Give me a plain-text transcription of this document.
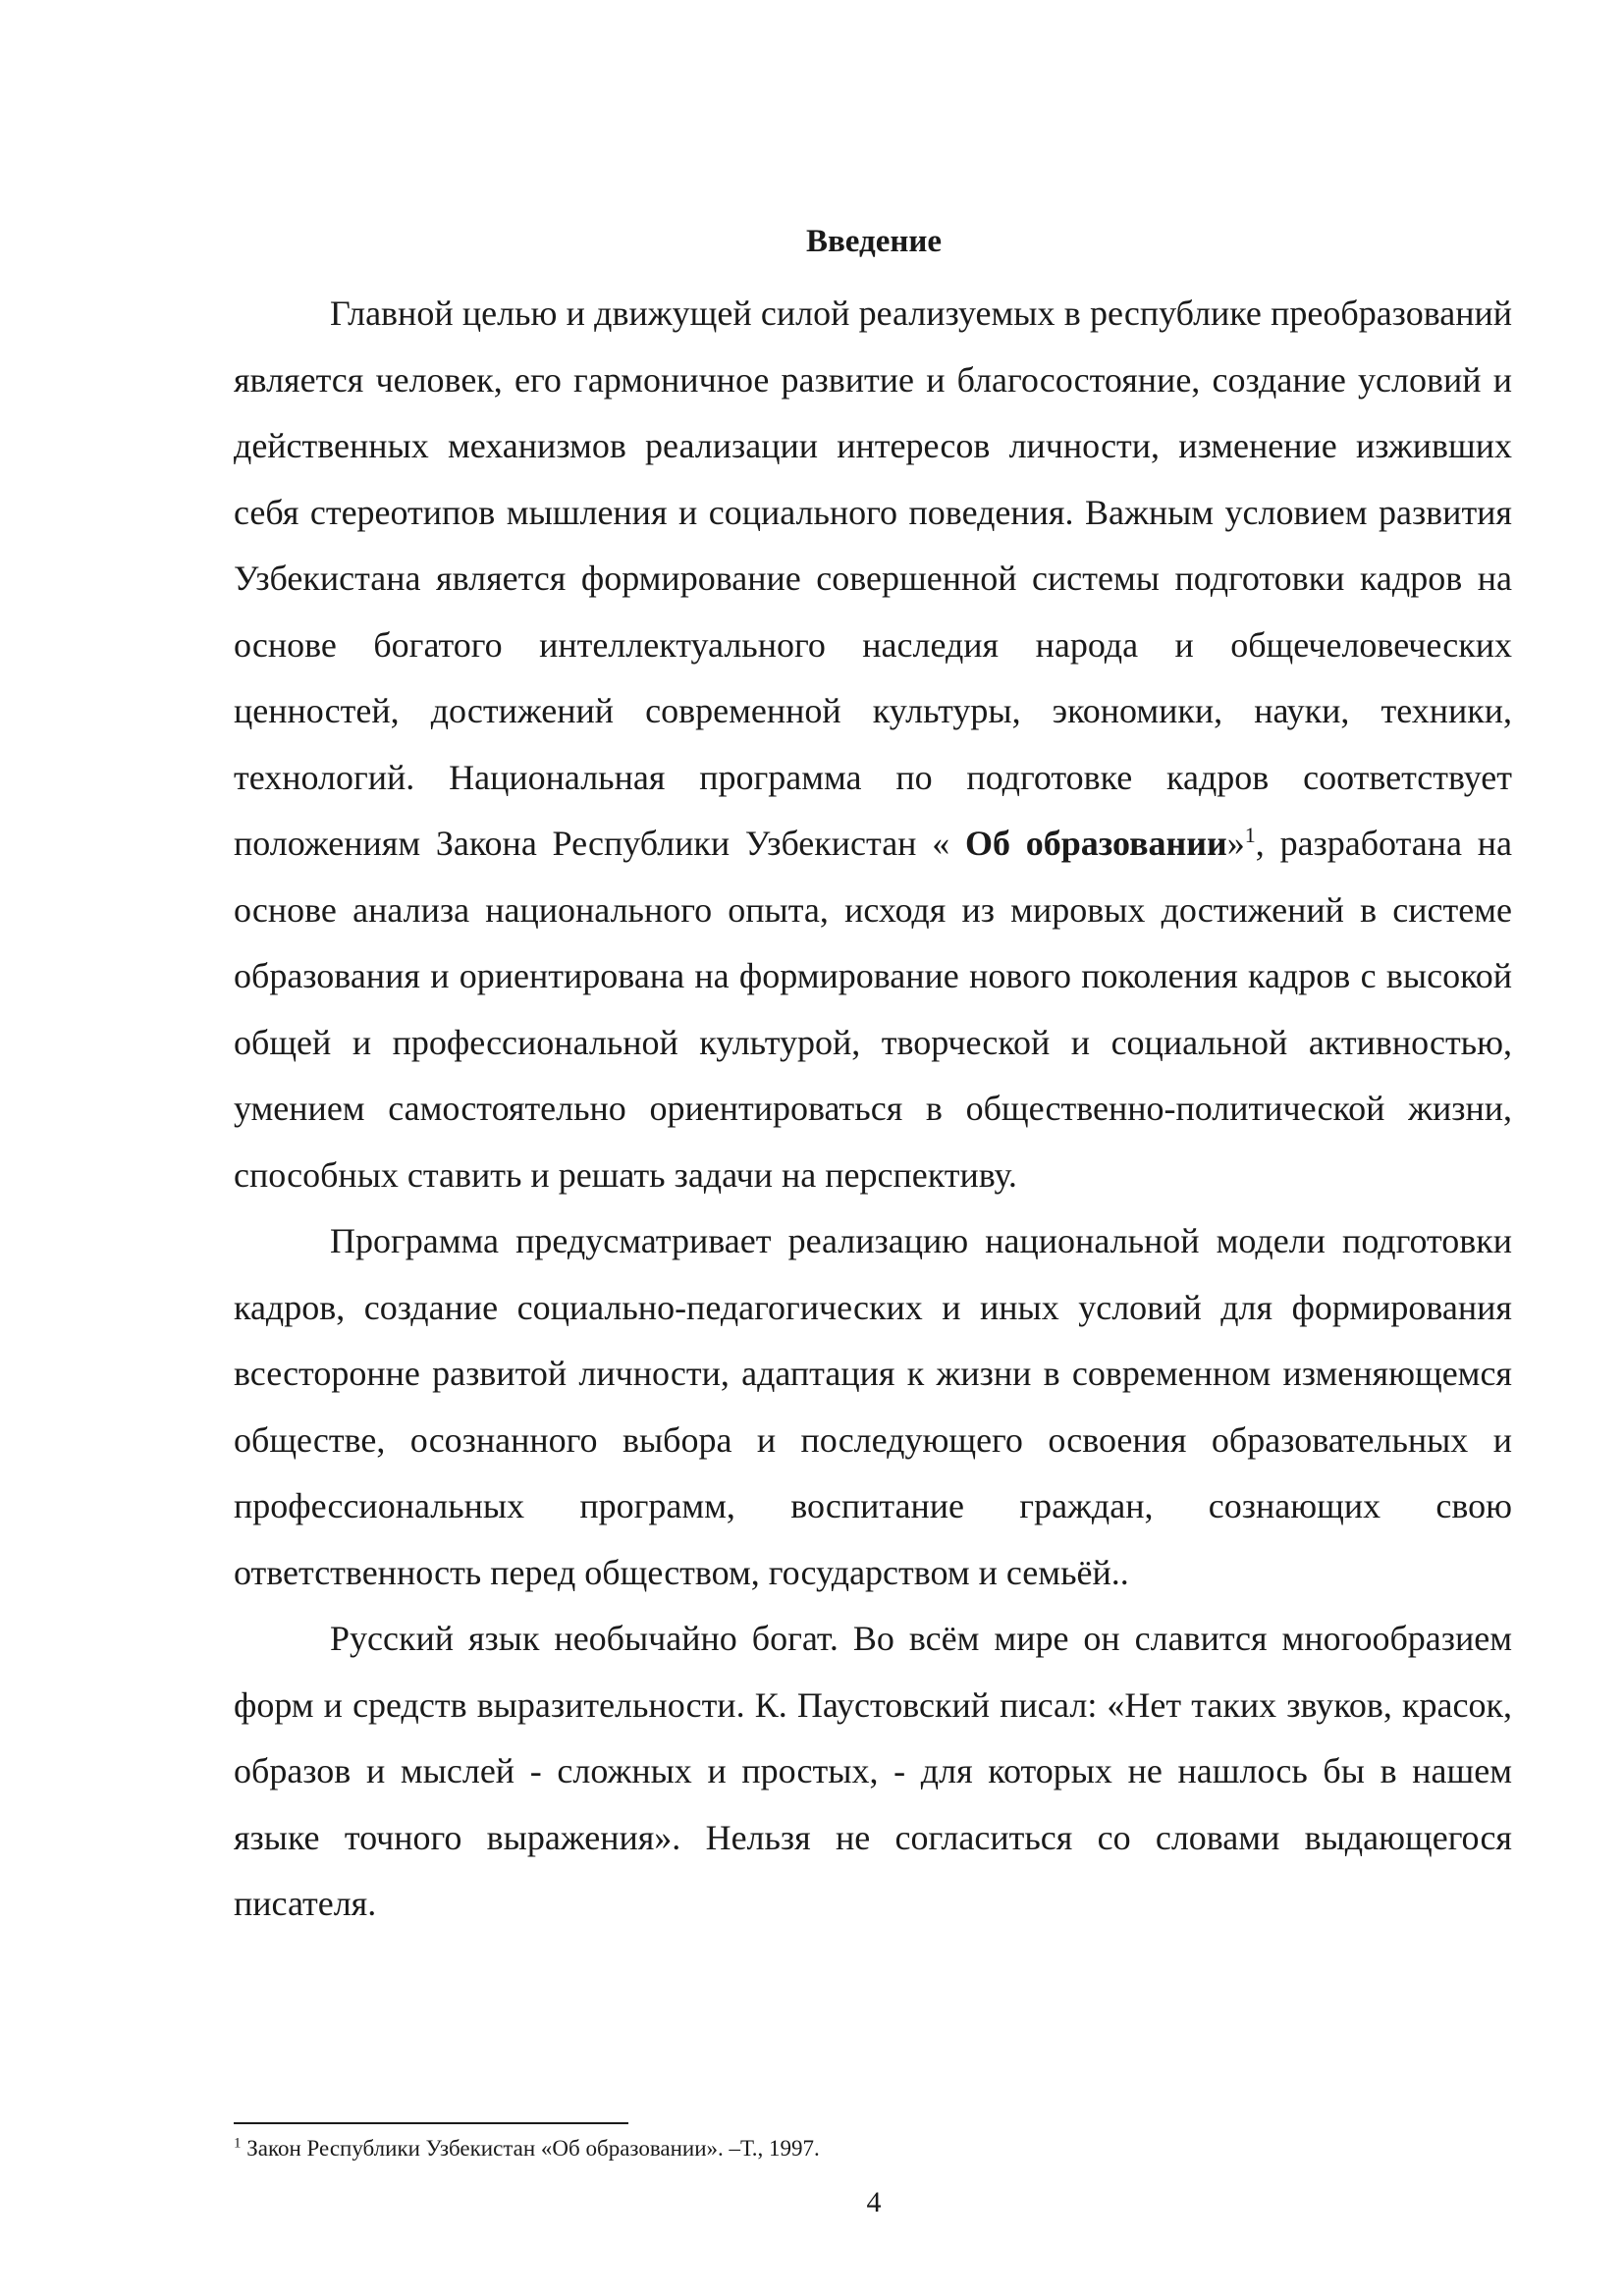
Введение

Главной целью и движущей силой реализуемых в республике преобразований является человек, его гармоничное развитие и благосостояние, создание условий и действенных механизмов реализации интересов личности, изменение изживших себя стереотипов мышления и социального поведения. Важным условием развития Узбекистана является формирование совершенной системы подготовки кадров на основе богатого интеллектуального наследия народа и общечеловеческих ценностей, достижений современной культуры, экономики, науки, техники, технологий. Национальная программа по подготовке кадров соответствует положениям Закона Республики Узбекистан « Об образовании»$^1$, разработана на основе анализа национального опыта, исходя из мировых достижений в системе образования и ориентирована на формирование нового поколения кадров с высокой общей и профессиональной культурой, творческой и социальной активностью, умением самостоятельно ориентироваться в общественно-политической жизни, способных ставить и решать задачи на перспективу.

Программа предусматривает реализацию национальной модели подготовки кадров, создание социально-педагогических и иных условий для формирования всесторонне развитой личности, адаптация к жизни в современном изменяющемся обществе, осознанного выбора и последующего освоения образовательных и профессиональных программ, воспитание граждан, сознающих свою ответственность перед обществом, государством и семьёй..

Русский язык необычайно богат. Во всём мире он славится многообразием форм и средств выразительности. К. Паустовский писал: «Нет таких звуков, красок, образов и мыслей - сложных и простых, - для которых не нашлось бы в нашем языке точного выражения». Нельзя не согласиться со словами выдающегося писателя.

$^1$ Закон Республики Узбекистан «Об образовании». –Т., 1997.
4
